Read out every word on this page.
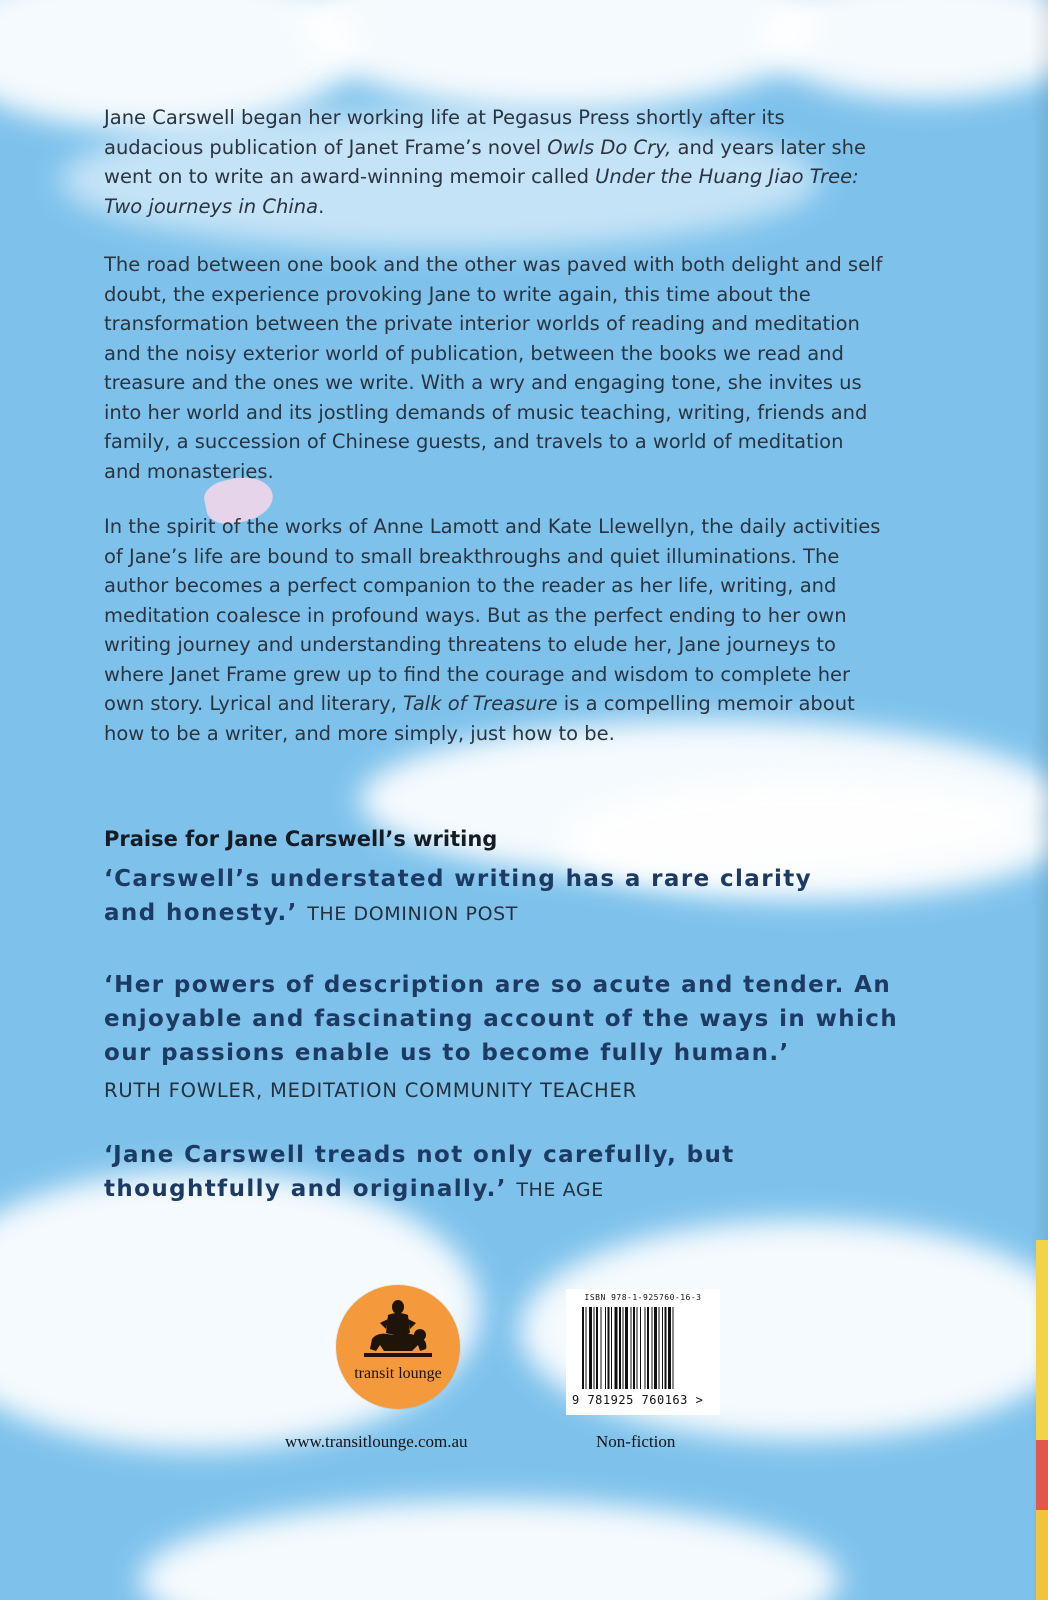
Jane Carswell began her working life at Pegasus Press shortly after its audacious publication of Janet Frame’s novel Owls Do Cry, and years later she went on to write an award-winning memoir called Under the Huang Jiao Tree: Two journeys in China.

The road between one book and the other was paved with both delight and self doubt, the experience provoking Jane to write again, this time about the transformation between the private interior worlds of reading and meditation and the noisy exterior world of publication, between the books we read and treasure and the ones we write. With a wry and engaging tone, she invites us into her world and its jostling demands of music teaching, writing, friends and family, a succession of Chinese guests, and travels to a world of meditation and monasteries.

In the spirit of the works of Anne Lamott and Kate Llewellyn, the daily activities of Jane’s life are bound to small breakthroughs and quiet illuminations. The author becomes a perfect companion to the reader as her life, writing, and meditation coalesce in profound ways. But as the perfect ending to her own writing journey and understanding threatens to elude her, Jane journeys to where Janet Frame grew up to find the courage and wisdom to complete her own story. Lyrical and literary, Talk of Treasure is a compelling memoir about how to be a writer, and more simply, just how to be.

Praise for Jane Carswell’s writing

‘Carswell’s understated writing has a rare clarity and honesty.’ THE DOMINION POST

‘Her powers of description are so acute and tender. An enjoyable and fascinating account of the ways in which our passions enable us to become fully human.’

RUTH FOWLER, MEDITATION COMMUNITY TEACHER

‘Jane Carswell treads not only carefully, but thoughtfully and originally.’ THE AGE

transit lounge

www.transitlounge.com.au

ISBN 978-1-925760-16-3

9 781925 760163 >

Non-fiction
